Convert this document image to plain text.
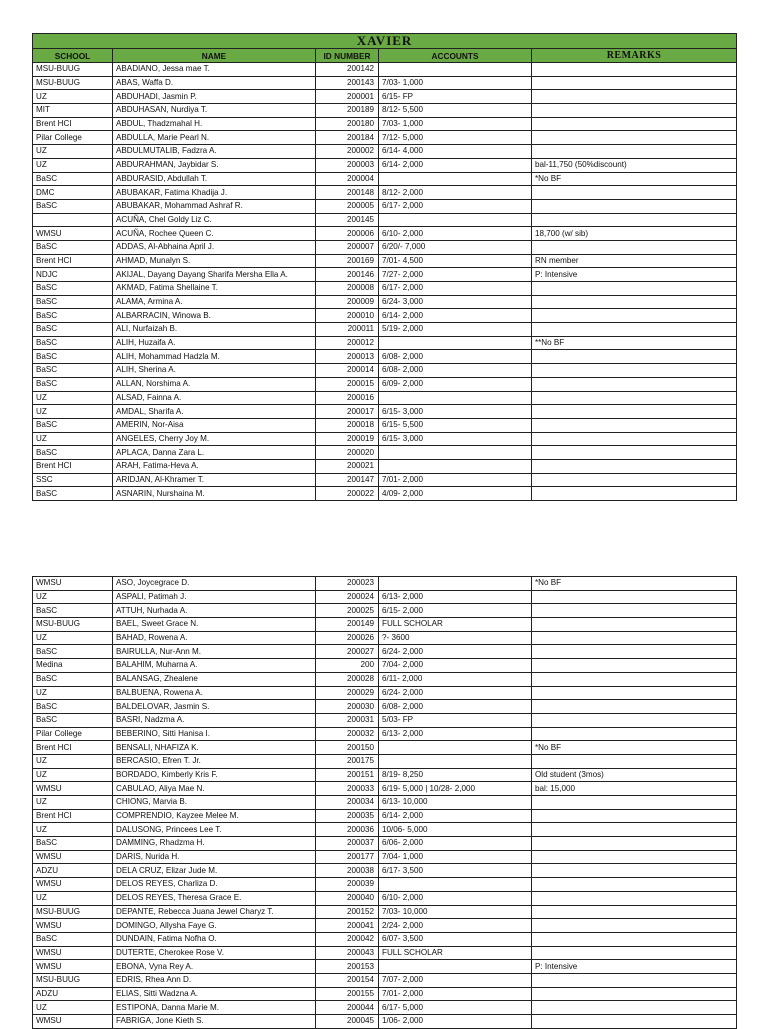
XAVIER				
SCHOOL	NAME	ID NUMBER	ACCOUNTS	REMARKS
MSU-BUUG	ABADIANO, Jessa mae T.	200142		
MSU-BUUG	ABAS, Waffa D.	200143	7/03- 1,000	
UZ	ABDUHADI, Jasmin P.	200001	6/15- FP	
MIT	ABDUHASAN, Nurdiya T.	200189	8/12- 5,500	
Brent HCI	ABDUL, Thadzmahal H.	200180	7/03- 1,000	
Pilar College	ABDULLA, Marie Pearl N.	200184	7/12- 5,000	
UZ	ABDULMUTALIB, Fadzra A.	200002	6/14- 4,000	
UZ	ABDURAHMAN, Jaybidar S.	200003	6/14- 2,000	bal-11,750 (50%discount)
BaSC	ABDURASID, Abdullah T.	200004		*No BF
DMC	ABUBAKAR, Fatima Khadija J.	200148	8/12- 2,000	
BaSC	ABUBAKAR, Mohammad Ashraf R.	200005	6/17- 2,000	
	ACUÑA, Chel Goldy Liz C.	200145		
WMSU	ACUÑA, Rochee Queen C.	200006	6/10- 2,000	18,700 (w/ sib)
BaSC	ADDAS, Al-Abhaina April J.	200007	6/20/- 7,000	
Brent HCI	AHMAD, Munalyn S.	200169	7/01- 4,500	RN member
NDJC	AKIJAL, Dayang Dayang Sharifa Mersha Ella A.	200146	7/27- 2,000	P: Intensive
BaSC	AKMAD, Fatima Shellaine T.	200008	6/17- 2,000	
BaSC	ALAMA, Armina A.	200009	6/24- 3,000	
BaSC	ALBARRACIN, Winowa B.	200010	6/14- 2,000	
BaSC	ALI, Nurfaizah B.	200011	5/19- 2,000	
BaSC	ALIH, Huzaifa A.	200012		**No BF
BaSC	ALIH, Mohammad Hadzla M.	200013	6/08- 2,000	
BaSC	ALIH, Sherina A.	200014	6/08- 2,000	
BaSC	ALLAN, Norshima A.	200015	6/09- 2,000	
UZ	ALSAD, Fainna A.	200016		
UZ	AMDAL, Sharifa A.	200017	6/15- 3,000	
BaSC	AMERIN, Nor-Aisa	200018	6/15- 5,500	
UZ	ANGELES, Cherry Joy M.	200019	6/15- 3,000	
BaSC	APLACA, Danna Zara L.	200020		
Brent HCI	ARAH, Fatima-Heva A.	200021		
SSC	ARIDJAN, Al-Khramer T.	200147	7/01- 2,000	
BaSC	ASNARIN, Nurshaina M.	200022	4/09- 2,000	
WMSU	ASO, Joycegrace D.	200023		*No BF
UZ	ASPALI, Patimah J.	200024	6/13- 2,000	
BaSC	ATTUH, Nurhada A.	200025	6/15- 2,000	
MSU-BUUG	BAEL, Sweet Grace N.	200149	FULL SCHOLAR	
UZ	BAHAD, Rowena A.	200026	?- 3600	
BaSC	BAIRULLA, Nur-Ann M.	200027	6/24- 2,000	
Medina	BALAHIM, Muharna A.	200	7/04- 2,000	
BaSC	BALANSAG, Zhealene	200028	6/11- 2,000	
UZ	BALBUENA, Rowena A.	200029	6/24- 2,000	
BaSC	BALDELOVAR, Jasmin S.	200030	6/08- 2,000	
BaSC	BASRI, Nadzma A.	200031	5/03- FP	
Pilar College	BEBERINO, Sitti Hanisa I.	200032	6/13- 2,000	
Brent HCI	BENSALI, NHAFIZA K.	200150		*No BF
UZ	BERCASIO, Efren T. Jr.	200175		
UZ	BORDADO, Kimberly Kris F.	200151	8/19- 8,250	Old student (3mos)
WMSU	CABULAO, Aliya Mae N.	200033	6/19- 5,000 | 10/28- 2,000	bal: 15,000
UZ	CHIONG, Marvia B.	200034	6/13- 10,000	
Brent HCI	COMPRENDIO, Kayzee Melee M.	200035	6/14- 2,000	
UZ	DALUSONG, Princees Lee T.	200036	10/06- 5,000	
BaSC	DAMMING, Rhadzma H.	200037	6/06- 2,000	
WMSU	DARIS, Nurida H.	200177	7/04- 1,000	
ADZU	DELA CRUZ, Elizar Jude M.	200038	6/17- 3,500	
WMSU	DELOS REYES, Charliza D.	200039		
UZ	DELOS REYES, Theresa Grace E.	200040	6/10- 2,000	
MSU-BUUG	DEPANTE, Rebecca Juana Jewel Charyz T.	200152	7/03- 10,000	
WMSU	DOMINGO, Allysha Faye G.	200041	2/24- 2,000	
BaSC	DUNDAIN, Fatima Nofha O.	200042	6/07- 3,500	
WMSU	DUTERTE, Cherokee Rose V.	200043	FULL SCHOLAR	
WMSU	EBONA, Vyna Rey A.	200153		P: Intensive
MSU-BUUG	EDRIS, Rhea Ann D.	200154	7/07- 2,000	
ADZU	ELIAS, Sitti Wadzna A.	200155	7/01- 2,000	
UZ	ESTIPONA, Danna Marie M.	200044	6/17- 5,000	
WMSU	FABRIGA, Jone Kieth S.	200045	1/06- 2,000	
